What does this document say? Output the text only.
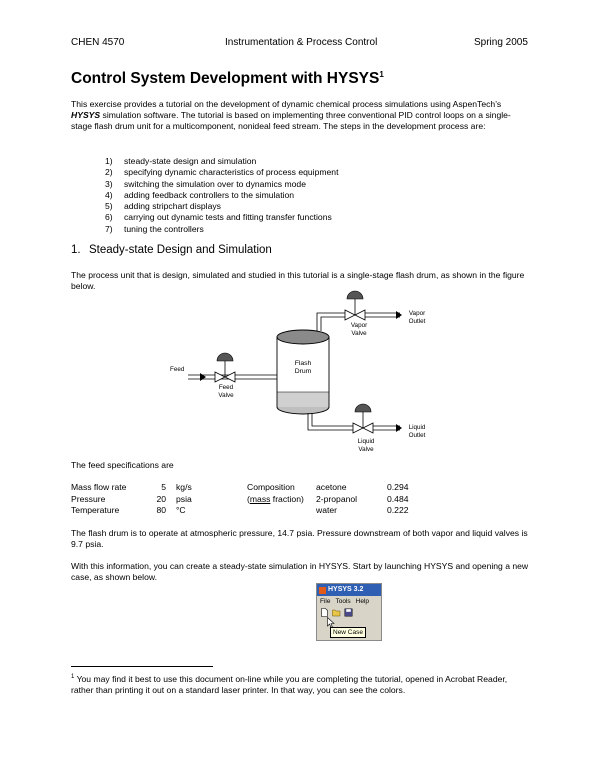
CHEN 4570	Instrumentation & Process Control	Spring 2005
Control System Development with HYSYS$^1$
This exercise provides a tutorial on the development of dynamic chemical process simulations using AspenTech’s HYSYS simulation software. The tutorial is based on implementing three conventional PID control loops on a single-stage flash drum unit for a multicomponent, nonideal feed stream. The steps in the development process are:
1) steady-state design and simulation
2) specifying dynamic characteristics of process equipment
3) switching the simulation over to dynamics mode
4) adding feedback controllers to the simulation
5) adding stripchart displays
6) carrying out dynamic tests and fitting transfer functions
7) tuning the controllers
1. Steady-state Design and Simulation
The process unit that is design, simulated and studied in this tutorial is a single-stage flash drum, as shown in the figure below.
Feed
Feed
Valve
Flash Drum
Vapor
Valve
Vapor
Outlet
Liquid
Valve
Liquid
Outlet
The feed specifications are
Mass flow rate
Pressure
Temperature
5
20
80
kg/s
psia
°C
Composition
(mass fraction)
acetone
2-propanol
water
0.294
0.484
0.222
The flash drum is to operate at atmospheric pressure, 14.7 psia. Pressure downstream of both vapor and liquid valves is 9.7 psia.
With this information, you can create a steady-state simulation in HYSYS. Start by launching HYSYS and opening a new case, as shown below.
HYSYS 3.2
File Tools Help
New Case
$^1$ You may find it best to use this document on-line while you are completing the tutorial, opened in Acrobat Reader, rather than printing it out on a standard laser printer. In that way, you can see the colors.
